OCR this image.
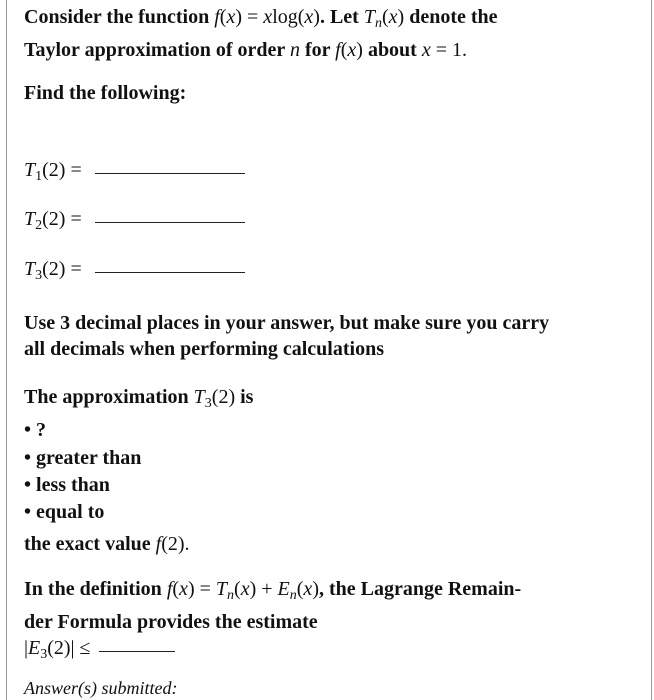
Consider the function f(x) = xlog(x). Let $T_n(x)$ denote the
Taylor approximation of order n for f(x) about x = 1.
Find the following:
$T_1(2)$ =
$T_2(2)$ =
$T_3(2)$ =
Use 3 decimal places in your answer, but make sure you carry
all decimals when performing calculations
The approximation $T_3(2)$ is
• ?
• greater than
• less than
• equal to
the exact value f(2).
In the definition $f(x) = T_n(x) + E_n(x)$, the Lagrange Remain-
der Formula provides the estimate
$|E_3(2)|$ ≤
Answer(s) submitted:
